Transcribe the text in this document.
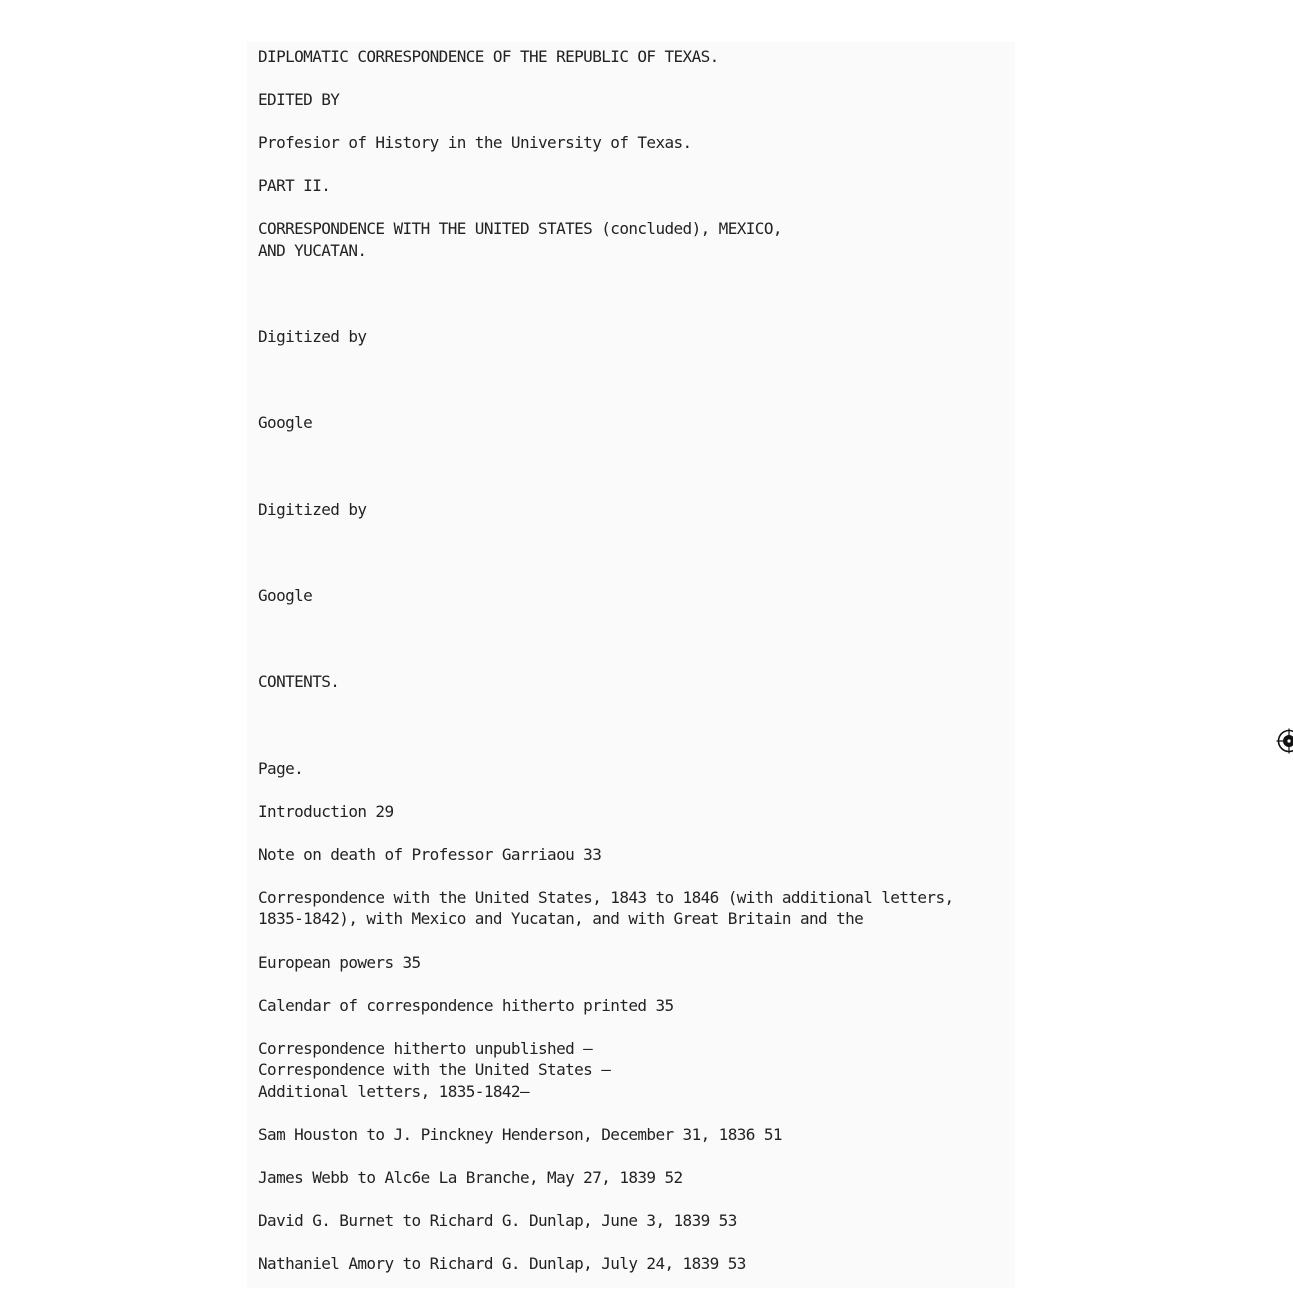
DIPLOMATIC CORRESPONDENCE OF THE REPUBLIC OF TEXAS.
EDITED BY
Profesior of History in the University of Texas.
PART II.
CORRESPONDENCE WITH THE UNITED STATES (concluded), MEXICO,
AND YUCATAN.
Digitized by
Google
Digitized by
Google
CONTENTS.
Page.
Introduction 29
Note on death of Professor Garriaou 33
Correspondence with the United States, 1843 to 1846 (with additional letters,
1835-1842), with Mexico and Yucatan, and with Great Britain and the
European powers 35
Calendar of correspondence hitherto printed 35
Correspondence hitherto unpublished —
Correspondence with the United States —
Additional letters, 1835-1842—
Sam Houston to J. Pinckney Henderson, December 31, 1836 51
James Webb to Alc6e La Branche, May 27, 1839 52
David G. Burnet to Richard G. Dunlap, June 3, 1839 53
Nathaniel Amory to Richard G. Dunlap, July 24, 1839 53
